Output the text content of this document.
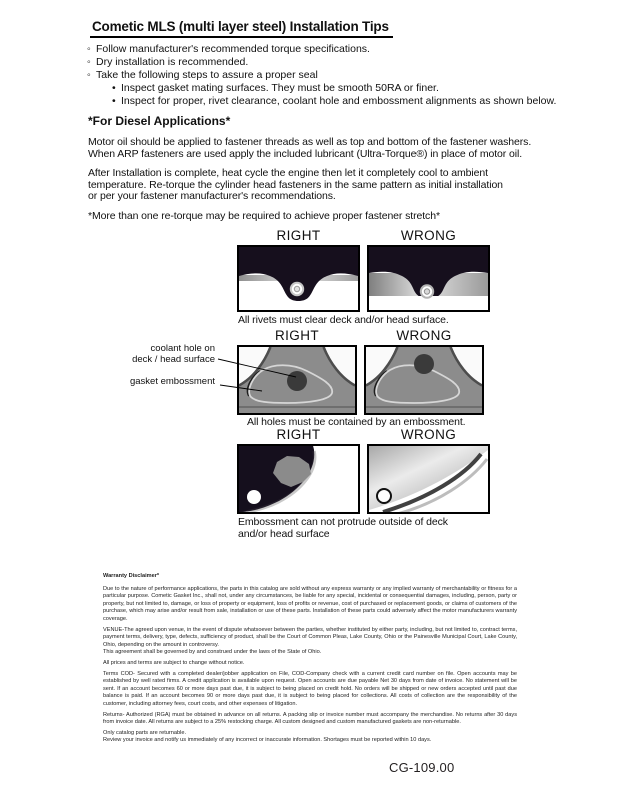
Cometic MLS (multi layer steel) Installation Tips
◦ Follow manufacturer's recommended torque specifications.
◦ Dry installation is recommended.
◦ Take the following steps to assure a proper seal
• Inspect gasket mating surfaces. They must be smooth 50RA or finer.
• Inspect for proper, rivet clearance, coolant hole and embossment alignments as shown below.
*For Diesel Applications*
Motor oil should be applied to fastener threads as well as top and bottom of the fastener washers.
When ARP fasteners are used apply the included lubricant (Ultra-Torque®) in place of motor oil.
After Installation is complete, heat cycle the engine then let it completely cool to ambient
temperature. Re-torque the cylinder head fasteners in the same pattern as initial installation
or per your fastener manufacturer's recommendations.
*More than one re-torque may be required to achieve proper fastener stretch*
RIGHT	WRONG
All rivets must clear deck and/or head surface.
RIGHT	WRONG
coolant hole on
deck / head surface
gasket embossment
All holes must be contained by an embossment.
RIGHT	WRONG
Embossment can not protrude outside of deck
and/or head surface
Warranty Disclaimer*
Due to the nature of performance applications, the parts in this catalog are sold without any express warranty or any implied warranty of merchantability or fitness for a particular purpose. Cometic Gasket Inc., shall not, under any circumstances, be liable for any special, incidental or consequential damages, including, person, party or property, but not limited to, damage, or loss of property or equipment, loss of profits or revenue, cost of purchased or replacement goods, or claims of customers of the purchase, which may arise and/or result from sale, installation or use of these parts. Installation of these parts could adversely affect the motor manufacturers warranty coverage.
VENUE-The agreed upon venue, in the event of dispute whatsoever between the parties, whether instituted by either party, including, but not limited to, contract terms, payment terms, delivery, type, defects, sufficiency of product, shall be the Court of Common Pleas, Lake County, Ohio or the Painesville Municipal Court, Lake County, Ohio, depending on the amount in controversy.
This agreement shall be governed by and construed under the laws of the State of Ohio.
All prices and terms are subject to change without notice.
Terms COD- Secured with a completed dealer/jobber application on File, COD-Company check with a current credit card number on file. Open accounts may be established by well rated firms. A credit application is available upon request. Open accounts are due payable Net 30 days from date of invoice. No statement will be sent. If an account becomes 60 or more days past due, it is subject to being placed on credit hold. No orders will be shipped or new orders accepted until past due balance is paid. If an account becomes 90 or more days past due, it is subject to being placed for collections. All costs of collection are the responsibility of the customer, including attorney fees, court costs, and other expenses of litigation.
Returns- Authorized (RGA) must be obtained in advance on all returns. A packing slip or invoice number must accompany the merchandise. No returns after 30 days from invoice date. All returns are subject to a 25% restocking charge. All custom designed and custom manufactured gaskets are non-returnable.
Only catalog parts are returnable.
Review your invoice and notify us immediately of any incorrect or inaccurate information. Shortages must be reported within 10 days.
CG-109.00
